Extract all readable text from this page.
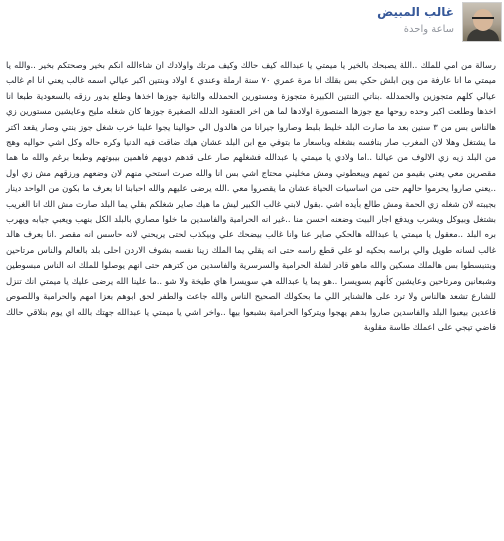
غالب المبيض
ساعة واحدة
رسالة من امي للملك ..اللة يصبحك بالخير يا ميمتي يا عبدالله كيف حالك وكيف مرتك واولادك ان شاءالله انكم بخير وصحتكم بخير ..والله يا ميمتي ما انا عارفة من وين ابلش حكي بس بقلك انا مرة عمري ٧٠ سنة ارملة وعندي ٤ اولاد وبنتين اكبر عيالي اسمه غالب يعني انا ام غالب عيالي كلهم متجوزين والحمدلله .بناتي التنتين الكبيرة متجوزة ومستورين الحمدلله والثانية جوزها اخذها وطلع بدور رزقه بالسعودية طبعا انا اخذها وطلعت اكبر وحده روحها مع جوزها المنصورة اولادها لما هن اخر العنقود الدلله الصغيرة جوزها كان شغله مليح وعايشين مستورين زي هالناس بس من ٣ سنين بعد ما صارت البلد خليط بلبط وصاروا جيرانا من هالدول الي حوالينا يجوا علينا خرب شغل جوز بنتي وصار يقعد اكتر ما يشتغل وهلا لان المغرب صار بنافسه بشغله وباسعار ما بتوفي مع ابن البلد عشان هيك ضاقت فيه الدنيا وكره حاله وكل اشي حواليه وهج من البلد زيه زي الالوف من عيالنا ..اما ولادي يا ميمتي يا عبدالله فشغلهم صار على قدهم دويهم فاهمين بيبوتهم وطبعا برغم والله ما هما مقصرين معي يعني بقيمو من ثمهم ويبعطوني ومش مخليني محتاج اشي بس انا والله صرت استحي منهم لان وضعهم ورزقهم مش زي اول ..يعني صاروا يحرموا حالهم حتى من اساسيات الحياة عشان ما يقصروا معي .الله يرضى عليهم والله احبابنا انا بعرف ما بكون من الواحد دينار بجيبته لان شغله زي الحمة ومش طالع بأيده اشي .بقول لابني غالب الكبير ليش ما هيك صاير شغلكم بقلي يما البلد صارت مش الك انا الغريب بشتغل وبيوكل ويشرب ويدفع اجار البيت وضعنه احسن منا ..غير انه الحرامية والفاسدين ما خلوا مصاري بالبلد الكل بنهب ويعبي جيابه ويهرب بره البلد ..معقول يا ميمتي يا عبدالله هالحكي صاير عنا وانا غالب بيضحك علي وبيكذب لحتى يريحني لانه حاسس انه مقصر .انا بعرف هالد غالب لسانه طويل والي براسه بحكيه لو علي قطع راسه حتى انه يقلي يما الملك زينا نفسه بشوف الاردن احلى بلد بالعالم والناس مرتاحين وبتنبسطوا بس هالملك مسكين والله ماهو قادر لشلة الحرامية والسرسرية والفاسدين من كترهم حتى انهم يوصلوا للملك انه الناس مبسوطين وشبعانين ومرتاحين وعايشين كأنهم بسويسرا ..هو يما يا عبدالله هي سويسرا هاي طيخة ولا شو ..ما علينا الله يرضى عليك يا ميمتي انك تنزل للشارع تشعد هالناس ولا ترد على هالشناير اللي ما بحكولك الصحيح الناس والله جاعت والطفر لحق ابوهم بعزا امهم والحرامية واللصوص قاعدين بيعبوا البلد والفاسدين صاروا بدهم يهجوا ويتركوا الحرامية بشبعوا بيها ..واخر اشي يا ميمتي يا عبدالله جهتك بالله اي يوم بنلاقي حالك فاضي تيجي على اعملك طاسة مقلوبة
